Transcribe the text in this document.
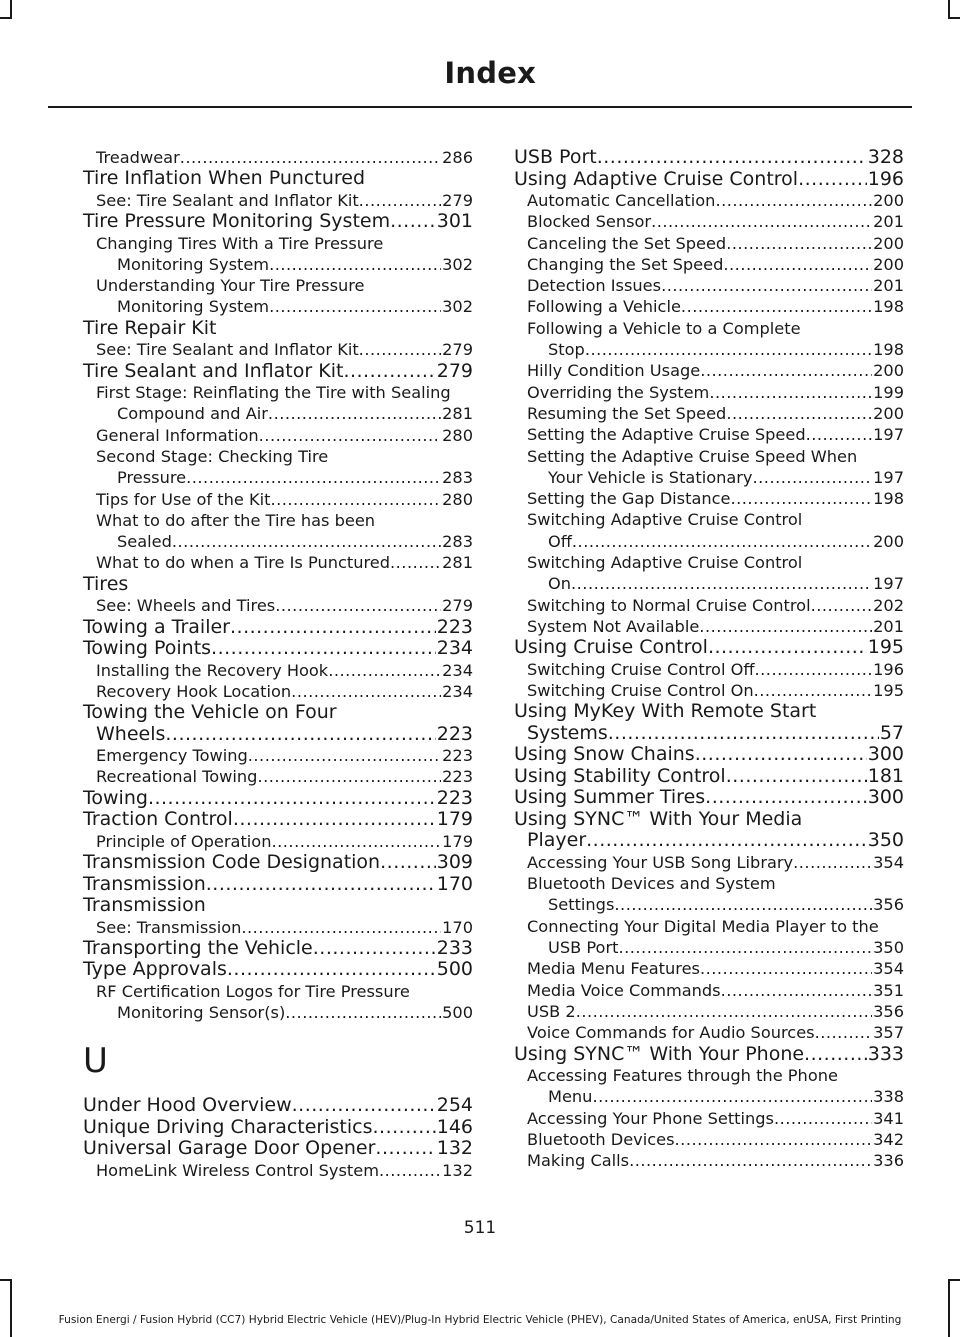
Index
Treadwear .....	286
Tire Inflation When Punctured
See: Tire Sealant and Inflator Kit .....	279
Tire Pressure Monitoring System ..... 301
Changing Tires With a Tire Pressure
Monitoring System .....	302
Understanding Your Tire Pressure
Monitoring System .....	302
Tire Repair Kit
See: Tire Sealant and Inflator Kit .....	279
Tire Sealant and Inflator Kit .....	279
First Stage: Reinflating the Tire with Sealing
Compound and Air .....	281
General Information .....	280
Second Stage: Checking Tire
Pressure .....	283
Tips for Use of the Kit .....	280
What to do after the Tire has been
Sealed .....	283
What to do when a Tire Is Punctured .....	281
Tires
See: Wheels and Tires .....	279
Towing a Trailer .....	223
Towing Points .....	234
Installing the Recovery Hook .....	234
Recovery Hook Location .....	234
Towing the Vehicle on Four
Wheels .....	223
Emergency Towing .....	223
Recreational Towing .....	223
Towing .....	223
Traction Control .....	179
Principle of Operation .....	179
Transmission Code Designation .....	309
Transmission .....	170
Transmission
See: Transmission .....	170
Transporting the Vehicle .....	233
Type Approvals .....	500
RF Certification Logos for Tire Pressure
Monitoring Sensor(s) .....	500
U
Under Hood Overview .....	254
Unique Driving Characteristics .....	146
Universal Garage Door Opener .....	132
HomeLink Wireless Control System .....	132
USB Port .....	328
Using Adaptive Cruise Control .....	196
Automatic Cancellation .....	200
Blocked Sensor .....	201
Canceling the Set Speed .....	200
Changing the Set Speed .....	200
Detection Issues .....	201
Following a Vehicle .....	198
Following a Vehicle to a Complete
Stop .....	198
Hilly Condition Usage .....	200
Overriding the System .....	199
Resuming the Set Speed .....	200
Setting the Adaptive Cruise Speed .....	197
Setting the Adaptive Cruise Speed When
Your Vehicle is Stationary .....	197
Setting the Gap Distance .....	198
Switching Adaptive Cruise Control
Off .....	200
Switching Adaptive Cruise Control
On .....	197
Switching to Normal Cruise Control .....	202
System Not Available .....	201
Using Cruise Control .....	195
Switching Cruise Control Off .....	196
Switching Cruise Control On .....	195
Using MyKey With Remote Start
Systems .....	57
Using Snow Chains .....	300
Using Stability Control .....	181
Using Summer Tires .....	300
Using SYNC™ With Your Media
Player .....	350
Accessing Your USB Song Library .....	354
Bluetooth Devices and System
Settings .....	356
Connecting Your Digital Media Player to the
USB Port .....	350
Media Menu Features .....	354
Media Voice Commands .....	351
USB 2 .....	356
Voice Commands for Audio Sources .....	357
Using SYNC™ With Your Phone .....	333
Accessing Features through the Phone
Menu .....	338
Accessing Your Phone Settings .....	341
Bluetooth Devices .....	342
Making Calls .....	336
511
Fusion Energi / Fusion Hybrid (CC7) Hybrid Electric Vehicle (HEV)/Plug-In Hybrid Electric Vehicle (PHEV), Canada/United States of America, enUSA, First Printing
